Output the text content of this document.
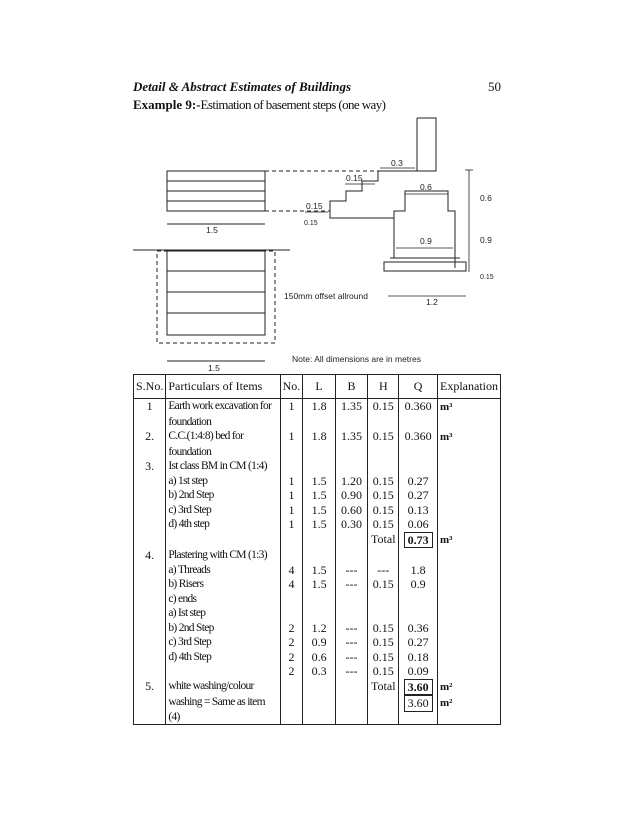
Detail & Abstract Estimates of Buildings	50
Example 9:-Estimation of basement steps (one way)
1.5
0.3
0.15
0.15
0.15
0.6
0.9
0.6
0.9
0.15
1.2
150mm offset allround
1.5
Note: All dimensions are in metres
S.No.	Particulars of Items	No.	L	B	H	Q	Explanation
1	Earth work excavation for	1	1.8	1.35	0.15	0.360	m³
	foundation						
2.	C.C.(1:4:8) bed for	1	1.8	1.35	0.15	0.360	m³
	foundation						
3.	Ist class BM in CM (1:4)						
	a) 1st step	1	1.5	1.20	0.15	0.27	
	b) 2nd Step	1	1.5	0.90	0.15	0.27	
	c) 3rd Step	1	1.5	0.60	0.15	0.13	
	d) 4th step	1	1.5	0.30	0.15	0.06	
					Total	0.73	m³
4.	Plastering with CM (1:3)						
	a) Threads	4	1.5	---	---	1.8	
	b) Risers	4	1.5	---	0.15	0.9	
	c) ends						
	a) Ist step						
	b) 2nd Step	2	1.2	---	0.15	0.36	
	c) 3rd Step	2	0.9	---	0.15	0.27	
	d) 4th Step	2	0.6	---	0.15	0.18	
		2	0.3	---	0.15	0.09	
5.	white washing/colour				Total	3.60	m²
	washing = Same as item (4)					3.60	m²
